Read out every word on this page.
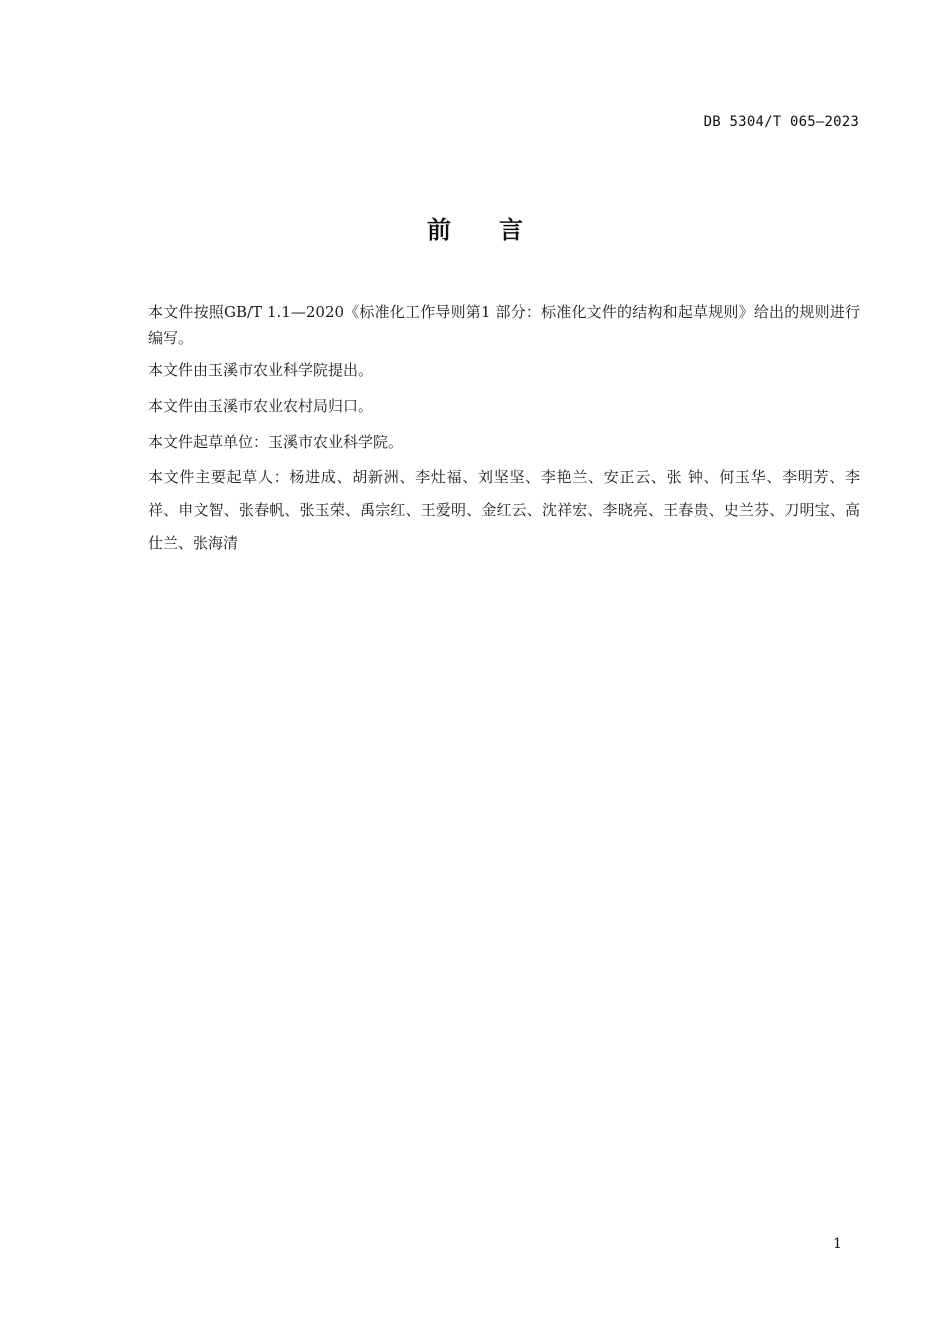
DB 5304/T 065—2023
前 言

本文件按照GB/T 1.1—2020《标准化工作导则第1 部分：标准化文件的结构和起草规则》给出的规则进行编写。

本文件由玉溪市农业科学院提出。

本文件由玉溪市农业农村局归口。

本文件起草单位：玉溪市农业科学院。

本文件主要起草人：杨进成、胡新洲、李灶福、刘坚坚、李艳兰、安正云、张 钟、何玉华、李明芳、李 祥、申文智、张春帆、张玉荣、禹宗红、王爱明、金红云、沈祥宏、李晓亮、王春贵、史兰芬、刀明宝、高仕兰、张海清

1
